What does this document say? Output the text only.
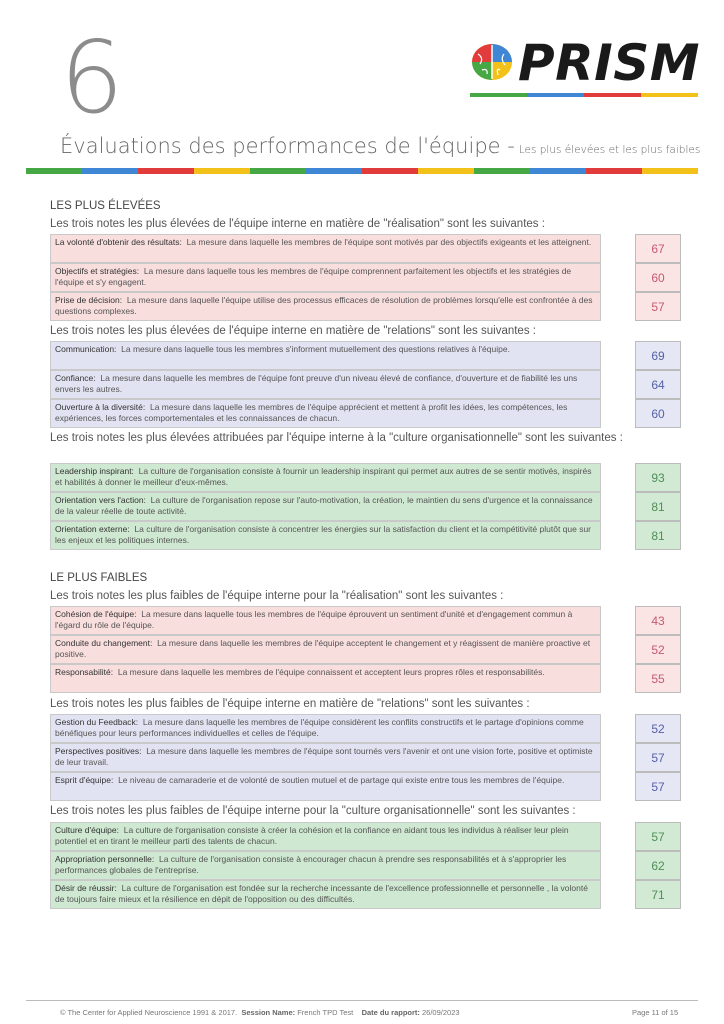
6	PRISM
Évaluations des performances de l'équipe - Les plus élevées et les plus faibles
LES PLUS ÉLEVÉES
Les trois notes les plus élevées de l'équipe interne en matière de "réalisation" sont les suivantes :
La volonté d'obtenir des résultats: La mesure dans laquelle les membres de l'équipe sont motivés par des objectifs exigeants et les atteignent.	67
Objectifs et stratégies: La mesure dans laquelle tous les membres de l'équipe comprennent parfaitement les objectifs et les stratégies de l'équipe et s'y engagent.	60
Prise de décision: La mesure dans laquelle l'équipe utilise des processus efficaces de résolution de problèmes lorsqu'elle est confrontée à des questions complexes.	57
Les trois notes les plus élevées de l'équipe interne en matière de "relations" sont les suivantes :
Communication: La mesure dans laquelle tous les membres s'informent mutuellement des questions relatives à l'équipe.	69
Confiance: La mesure dans laquelle les membres de l'équipe font preuve d'un niveau élevé de confiance, d'ouverture et de fiabilité les uns envers les autres.	64
Ouverture à la diversité: La mesure dans laquelle les membres de l'équipe apprécient et mettent à profit les idées, les compétences, les expériences, les forces comportementales et les connaissances de chacun.	60
Les trois notes les plus élevées attribuées par l'équipe interne à la "culture organisationnelle" sont les suivantes :
Leadership inspirant: La culture de l'organisation consiste à fournir un leadership inspirant qui permet aux autres de se sentir motivés, inspirés et habilités à donner le meilleur d'eux-mêmes.	93
Orientation vers l'action: La culture de l'organisation repose sur l'auto-motivation, la création, le maintien du sens d'urgence et la connaissance de la valeur réelle de toute activité.	81
Orientation externe: La culture de l'organisation consiste à concentrer les énergies sur la satisfaction du client et la compétitivité plutôt que sur les enjeux et les politiques internes.	81
LE PLUS FAIBLES
Les trois notes les plus faibles de l'équipe interne pour la "réalisation" sont les suivantes :
Cohésion de l'équipe: La mesure dans laquelle tous les membres de l'équipe éprouvent un sentiment d'unité et d'engagement commun à l'égard du rôle de l'équipe.	43
Conduite du changement: La mesure dans laquelle les membres de l'équipe acceptent le changement et y réagissent de manière proactive et positive.	52
Responsabilité: La mesure dans laquelle les membres de l'équipe connaissent et acceptent leurs propres rôles et responsabilités.	55
Les trois notes les plus faibles de l'équipe interne en matière de "relations" sont les suivantes :
Gestion du Feedback: La mesure dans laquelle les membres de l'équipe considèrent les conflits constructifs et le partage d'opinions comme bénéfiques pour leurs performances individuelles et celles de l'équipe.	52
Perspectives positives: La mesure dans laquelle les membres de l'équipe sont tournés vers l'avenir et ont une vision forte, positive et optimiste de leur travail.	57
Esprit d'équipe: Le niveau de camaraderie et de volonté de soutien mutuel et de partage qui existe entre tous les membres de l'équipe.	57
Les trois notes les plus faibles de l'équipe interne pour la "culture organisationnelle" sont les suivantes :
Culture d'équipe: La culture de l'organisation consiste à créer la cohésion et la confiance en aidant tous les individus à réaliser leur plein potentiel et en tirant le meilleur parti des talents de chacun.	57
Appropriation personnelle: La culture de l'organisation consiste à encourager chacun à prendre ses responsabilités et à s'approprier les performances globales de l'entreprise.	62
Désir de réussir: La culture de l'organisation est fondée sur la recherche incessante de l'excellence professionnelle et personnelle , la volonté de toujours faire mieux et la résilience en dépit de l'opposition ou des difficultés.	71
© The Center for Applied Neuroscience 1991 & 2017. Session Name: French TPD Test Date du rapport: 26/09/2023	Page 11 of 15
